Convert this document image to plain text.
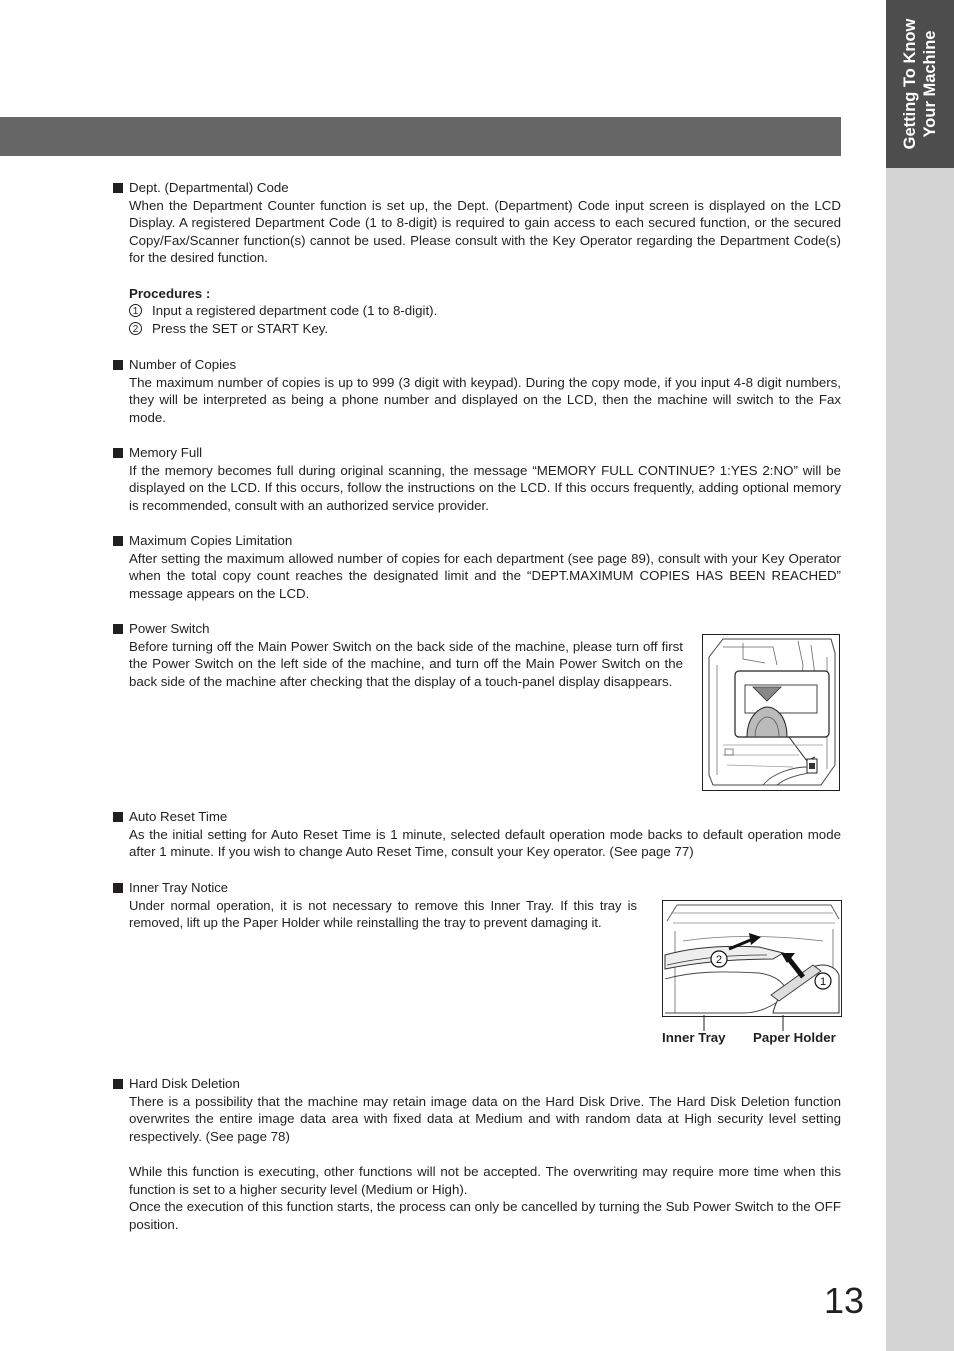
Getting To Know Your Machine
Dept. (Departmental) Code
When the Department Counter function is set up, the Dept. (Department) Code input screen is displayed on the LCD Display. A registered Department Code (1 to 8-digit) is required to gain access to each secured function, or the secured Copy/Fax/Scanner function(s) cannot be used. Please consult with the Key Operator regarding the Department Code(s) for the desired function.
Procedures :
1 Input a registered department code (1 to 8-digit).
2 Press the SET or START Key.
Number of Copies
The maximum number of copies is up to 999 (3 digit with keypad). During the copy mode, if you input 4-8 digit numbers, they will be interpreted as being a phone number and displayed on the LCD, then the machine will switch to the Fax mode.
Memory Full
If the memory becomes full during original scanning, the message “MEMORY FULL CONTINUE? 1:YES 2:NO” will be displayed on the LCD. If this occurs, follow the instructions on the LCD. If this occurs frequently, adding optional memory is recommended, consult with an authorized service provider.
Maximum Copies Limitation
After setting the maximum allowed number of copies for each department (see page 89), consult with your Key Operator when the total copy count reaches the designated limit and the “DEPT.MAXIMUM COPIES HAS BEEN REACHED” message appears on the LCD.
Power Switch
Before turning off the Main Power Switch on the back side of the machine, please turn off first the Power Switch on the left side of the machine, and turn off the Main Power Switch on the back side of the machine after checking that the display of a touch-panel display disappears.
Auto Reset Time
As the initial setting for Auto Reset Time is 1 minute, selected default operation mode backs to default operation mode after 1 minute. If you wish to change Auto Reset Time, consult your Key operator. (See page 77)
Inner Tray Notice
Under normal operation, it is not necessary to remove this Inner Tray. If this tray is removed, lift up the Paper Holder while reinstalling the tray to prevent damaging it.
2
1
Inner Tray Paper Holder
Hard Disk Deletion
There is a possibility that the machine may retain image data on the Hard Disk Drive. The Hard Disk Deletion function overwrites the entire image data area with fixed data at Medium and with random data at High security level setting respectively. (See page 78)
While this function is executing, other functions will not be accepted. The overwriting may require more time when this function is set to a higher security level (Medium or High).
Once the execution of this function starts, the process can only be cancelled by turning the Sub Power Switch to the OFF position.
13
